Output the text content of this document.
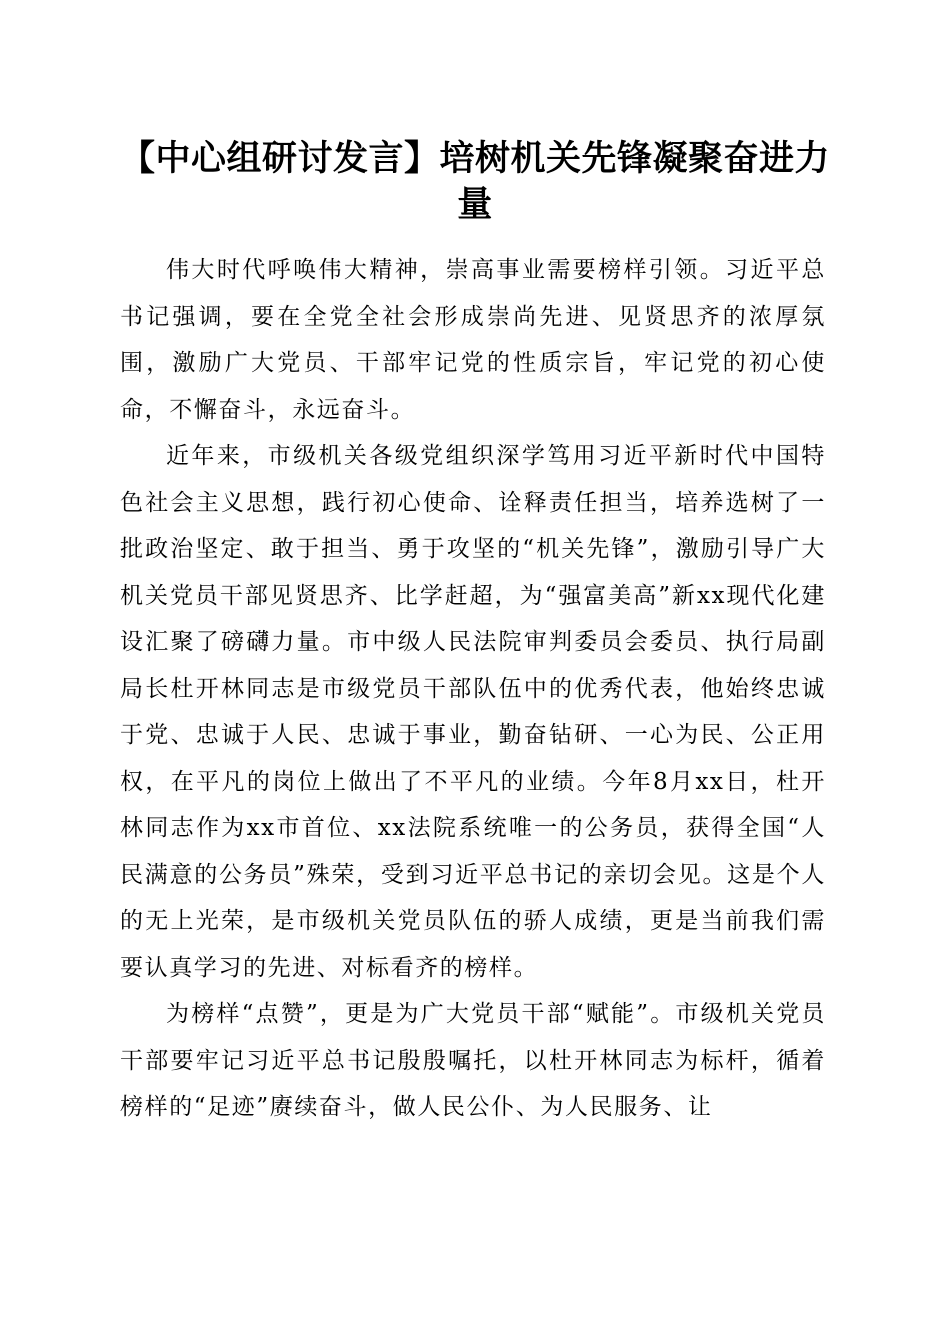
【中心组研讨发言】培树机关先锋凝聚奋进力量

伟大时代呼唤伟大精神，崇高事业需要榜样引领。习近平总书记强调，要在全党全社会形成崇尚先进、见贤思齐的浓厚氛围，激励广大党员、干部牢记党的性质宗旨，牢记党的初心使命，不懈奋斗，永远奋斗。

近年来，市级机关各级党组织深学笃用习近平新时代中国特色社会主义思想，践行初心使命、诠释责任担当，培养选树了一批政治坚定、敢于担当、勇于攻坚的“机关先锋”，激励引导广大机关党员干部见贤思齐、比学赶超，为“强富美高”新xx现代化建设汇聚了磅礴力量。市中级人民法院审判委员会委员、执行局副局长杜开林同志是市级党员干部队伍中的优秀代表，他始终忠诚于党、忠诚于人民、忠诚于事业，勤奋钻研、一心为民、公正用权，在平凡的岗位上做出了不平凡的业绩。今年8月xx日，杜开林同志作为xx市首位、xx法院系统唯一的公务员，获得全国“人民满意的公务员”殊荣，受到习近平总书记的亲切会见。这是个人的无上光荣，是市级机关党员队伍的骄人成绩，更是当前我们需要认真学习的先进、对标看齐的榜样。

为榜样“点赞”，更是为广大党员干部“赋能”。市级机关党员干部要牢记习近平总书记殷殷嘱托，以杜开林同志为标杆，循着榜样的“足迹”赓续奋斗，做人民公仆、为人民服务、让
